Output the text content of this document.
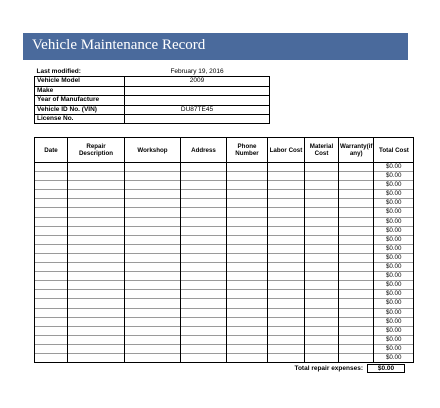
Vehicle Maintenance Record
Last modified:	February 19, 2016
Vehicle Model	2009
Make	
Year of Manufacture	
Vehicle ID No. (VIN)	DU87TE45
License No.	
Date	Repair Description	Workshop	Address	Phone Number	Labor Cost	Material Cost	Warranty(if any)	Total Cost
								$0.00
								$0.00
								$0.00
								$0.00
								$0.00
								$0.00
								$0.00
								$0.00
								$0.00
								$0.00
								$0.00
								$0.00
								$0.00
								$0.00
								$0.00
								$0.00
								$0.00
								$0.00
								$0.00
								$0.00
								$0.00
								$0.00
Total repair expenses:	$0.00
